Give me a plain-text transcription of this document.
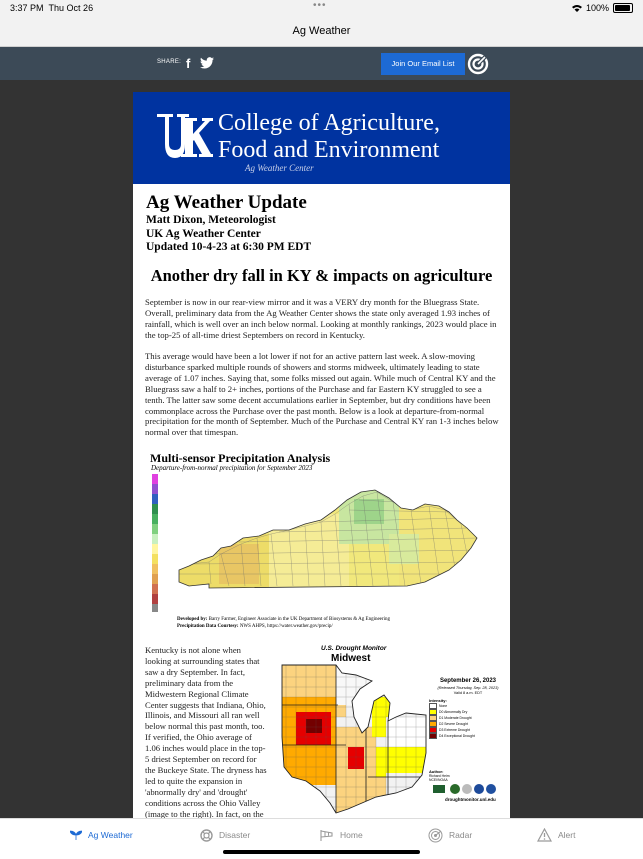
3:37 PM Thu Oct 26	•••	100%
Ag Weather
SHARE: f	Join Our Email List
College of Agriculture,
Food and Environment
Ag Weather Center
Ag Weather Update
Matt Dixon, Meteorologist
UK Ag Weather Center
Updated 10-4-23 at 6:30 PM EDT
Another dry fall in KY & impacts on agriculture

September is now in our rear-view mirror and it was a VERY dry month for the Bluegrass State. Overall, preliminary data from the Ag Weather Center shows the state only averaged 1.93 inches of rainfall, which is well over an inch below normal. Looking at monthly rankings, 2023 would place in the top-25 of all-time driest Septembers on record in Kentucky.

This average would have been a lot lower if not for an active pattern last week. A slow-moving disturbance sparked multiple rounds of showers and storms midweek, ultimately leading to state average of 1.07 inches. Saying that, some folks missed out again. While much of Central KY and the Bluegrass saw a half to 2+ inches, portions of the Purchase and far Eastern KY struggled to see a tenth. The latter saw some decent accumulations earlier in September, but dry conditions have been commonplace across the Purchase over the past month. Below is a look at departure-from-normal precipitation for the month of September. Much of the Purchase and Central KY ran 1-3 inches below normal over that timespan.

Multi-sensor Precipitation Analysis
Departure-from-normal precipitation for September 2023
Developed by: Barry Farmer, Engineer Associate in the UK Department of Biosystems & Ag Engineering
Precipitation Data Courtesy: NWS AHPS, https://water.weather.gov/precip/

Kentucky is not alone when looking at surrounding states that saw a dry September. In fact, preliminary data from the Midwestern Regional Climate Center suggests that Indiana, Ohio, Illinois, and Missouri all ran well below normal this past month, too. If verified, the Ohio average of 1.06 inches would place in the top-5 driest September on record for the Buckeye State. The dryness has led to quite the expansion in 'abnormally dry' and 'drought' conditions across the Ohio Valley (image to the right). In fact, on the

U.S. Drought Monitor
Midwest
September 26, 2023
(Released Thursday, Sep. 28, 2023)
Valid 8 a.m. EDT
Intensity:
None
D0 Abnormally Dry
D1 Moderate Drought
D2 Severe Drought
D3 Extreme Drought
D4 Exceptional Drought
Author:
Richard Heim
NCEI/NOAA
droughtmonitor.unl.edu
Ag Weather	Disaster	Home	Radar	Alert
